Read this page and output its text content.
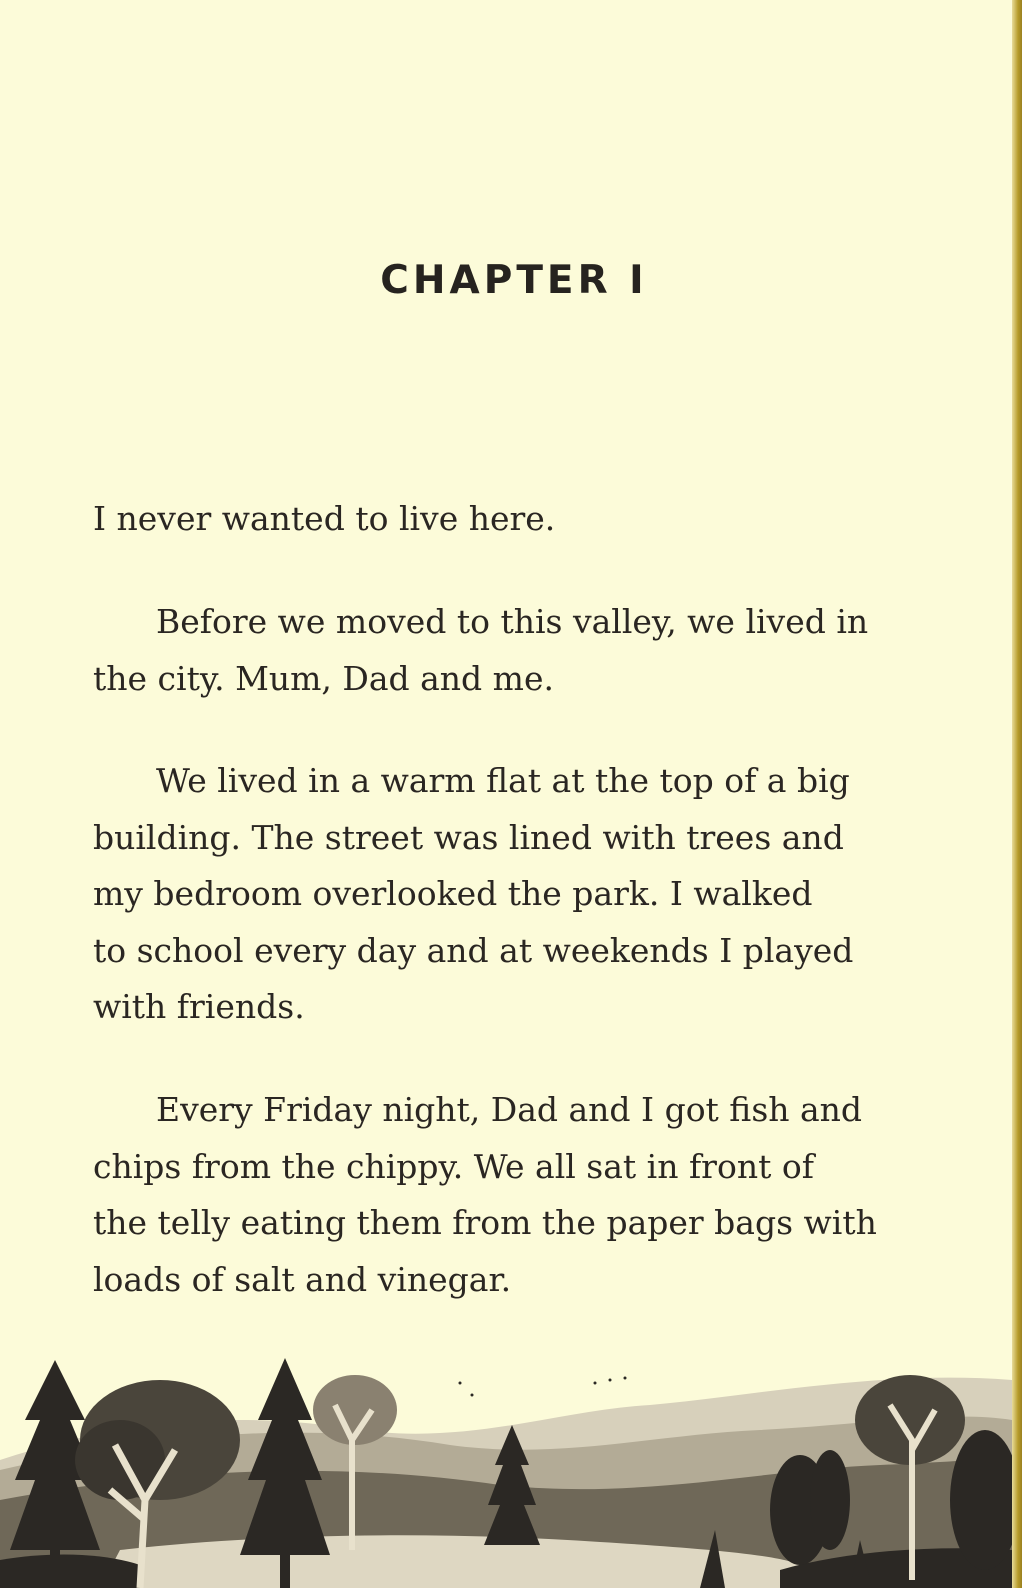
CHAPTER I

I never wanted to live here.

Before we moved to this valley, we lived in
the city. Mum, Dad and me.

We lived in a warm flat at the top of a big
building. The street was lined with trees and
my bedroom overlooked the park. I walked
to school every day and at weekends I played
with friends.

Every Friday night, Dad and I got fish and
chips from the chippy. We all sat in front of
the telly eating them from the paper bags with
loads of salt and vinegar.
